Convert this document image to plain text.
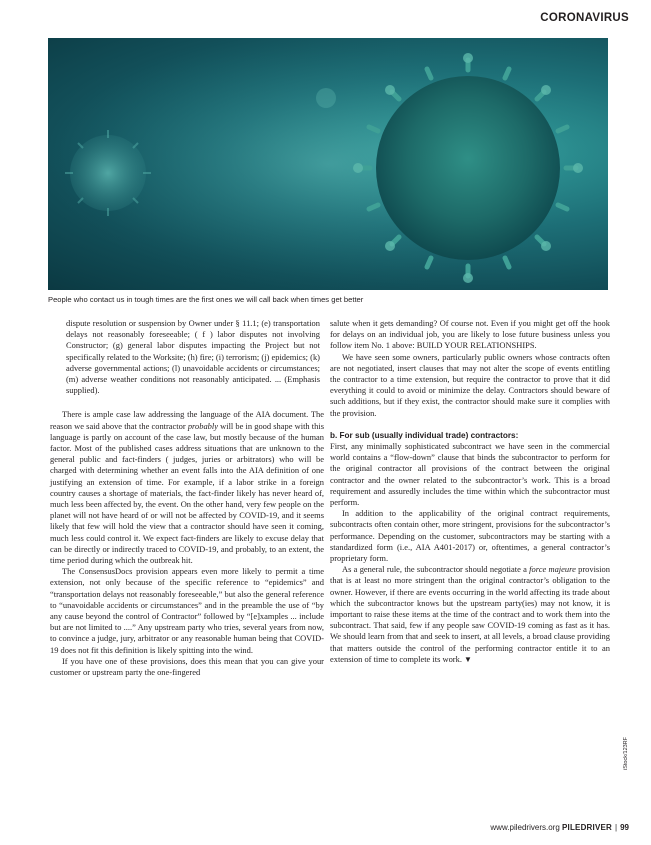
CORONAVIRUS
People who contact us in tough times are the first ones we will call back when times get better

dispute resolution or suspension by Owner under § 11.1; (e) transportation delays not reasonably foreseeable; ( f ) labor disputes not involving Constructor; (g) general labor disputes impacting the Project but not specifically related to the Worksite; (h) fire; (i) terrorism; (j) epidemics; (k) adverse governmental actions; (l) unavoidable accidents or circumstances; (m) adverse weather conditions not reasonably anticipated. ... (Emphasis supplied).

There is ample case law addressing the language of the AIA document. The reason we said above that the contractor probably will be in good shape with this language is partly on account of the case law, but mostly because of the human factor. Most of the published cases address situations that are unknown to the general public and fact-finders ( judges, juries or arbitrators) who will be charged with determining whether an event falls into the AIA definition of one justifying an extension of time. For example, if a labor strike in a foreign country causes a shortage of materials, the fact-finder likely has never heard of, much less been affected by, the event. On the other hand, very few people on the planet will not have heard of or will not be affected by COVID-19, and it seems likely that few will hold the view that a contractor should have seen it coming, much less could control it. We expect fact-finders are likely to excuse delay that can be directly or indirectly traced to COVID-19, and probably, to an extent, the time period during which the outbreak hit.

The ConsensusDocs provision appears even more likely to permit a time extension, not only because of the specific reference to “epidemics” and “transportation delays not reasonably foreseeable,” but also the general reference to “unavoidable accidents or circumstances” and in the preamble the use of “by any cause beyond the control of Contractor” followed by “[e]xamples ... include but are not limited to ....” Any upstream party who tries, several years from now, to convince a judge, jury, arbitrator or any reasonable human being that COVID-19 does not fit this definition is likely spitting into the wind.

If you have one of these provisions, does this mean that you can give your customer or upstream party the one-fingered

salute when it gets demanding? Of course not. Even if you might get off the hook for delays on an individual job, you are likely to lose future business unless you follow item No. 1 above: BUILD YOUR RELATIONSHIPS.

We have seen some owners, particularly public owners whose contracts often are not negotiated, insert clauses that may not alter the scope of events entitling the contractor to a time extension, but require the contractor to prove that it did everything it could to avoid or minimize the delay. Contractors should beware of such additions, but if they exist, the contractor should make sure it complies with the provision.

b. For sub (usually individual trade) contractors:

First, any minimally sophisticated subcontract we have seen in the commercial world contains a “flow-down” clause that binds the subcontractor to perform for the original contractor all provisions of the contract between the original contractor and the owner related to the subcontractor’s work. This is a broad requirement and assuredly includes the time within which the subcontractor must perform.

In addition to the applicability of the original contract requirements, subcontracts often contain other, more stringent, provisions for the subcontractor’s performance. Depending on the customer, subcontractors may be starting with a standardized form (i.e., AIA A401-2017) or, oftentimes, a general contractor’s proprietary form.

As a general rule, the subcontractor should negotiate a force majeure provision that is at least no more stringent than the original contractor’s obligation to the owner. However, if there are events occurring in the world affecting its trade about which the subcontractor knows but the upstream party(ies) may not know, it is important to raise these items at the time of the contract and to work them into the subcontract. That said, few if any people saw COVID-19 coming as fast as it has. We should learn from that and seek to insert, at all levels, a broad clause providing that matters outside the control of the performing contractor entitle it to an extension of time to complete its work. ▼

iStock/123RF
www.piledrivers.org PILEDRIVER | 99
